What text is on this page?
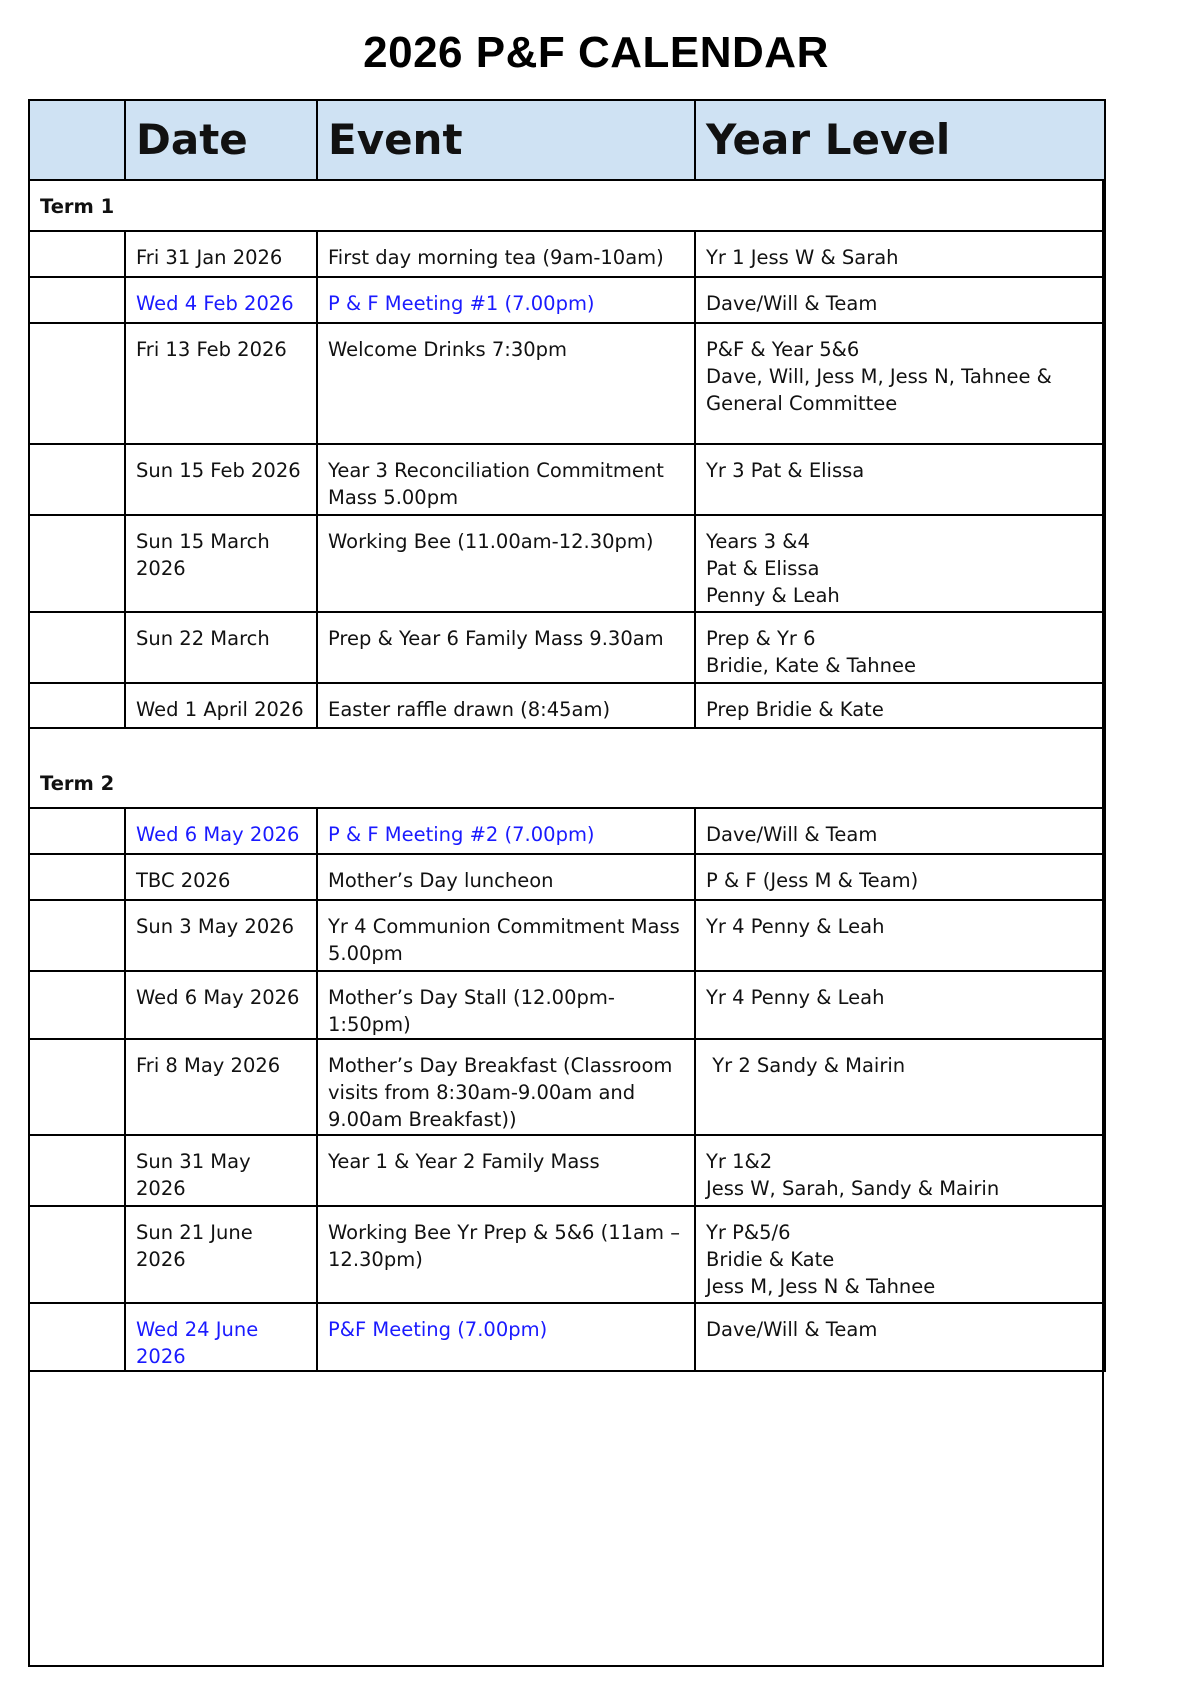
2026 P&F CALENDAR
	Date	Event	Year Level
Term 1			
	Fri 31 Jan 2026	First day morning tea (9am-10am)	Yr 1 Jess W & Sarah

	Wed 4 Feb 2026	P & F Meeting #1 (7.00pm)	Dave/Will & Team

	Fri 13 Feb 2026	Welcome Drinks 7:30pm	P&F & Year 5&6
Dave, Will, Jess M, Jess N, Tahnee & General Committee

	Sun 15 Feb 2026	Year 3 Reconciliation Commitment Mass 5.00pm	Yr 3 Pat & Elissa

	Sun 15 March 2026	Working Bee (11.00am-12.30pm)	Years 3 &4
Pat & Elissa
Penny & Leah

	Sun 22 March	Prep & Year 6 Family Mass 9.30am	Prep & Yr 6
Bridie, Kate & Tahnee

	Wed 1 April 2026	Easter raffle drawn (8:45am)	Prep Bridie & Kate

Term 2			
	Wed 6 May 2026	P & F Meeting #2 (7.00pm)	Dave/Will & Team

	TBC 2026	Mother’s Day luncheon	P & F (Jess M & Team)

	Sun 3 May 2026	Yr 4 Communion Commitment Mass 5.00pm	Yr 4 Penny & Leah

	Wed 6 May 2026	Mother’s Day Stall (12.00pm- 1:50pm)	Yr 4 Penny & Leah

	Fri 8 May 2026	Mother’s Day Breakfast (Classroom visits from 8:30am-9.00am and 9.00am Breakfast))	Yr 2 Sandy & Mairin

	Sun 31 May 2026	Year 1 & Year 2 Family Mass	Yr 1&2
Jess W, Sarah, Sandy & Mairin

	Sun 21 June 2026	Working Bee Yr Prep & 5&6 (11am – 12.30pm)	Yr P&5/6
Bridie & Kate
Jess M, Jess N & Tahnee

	Wed 24 June 2026	P&F Meeting (7.00pm)	Dave/Will & Team
